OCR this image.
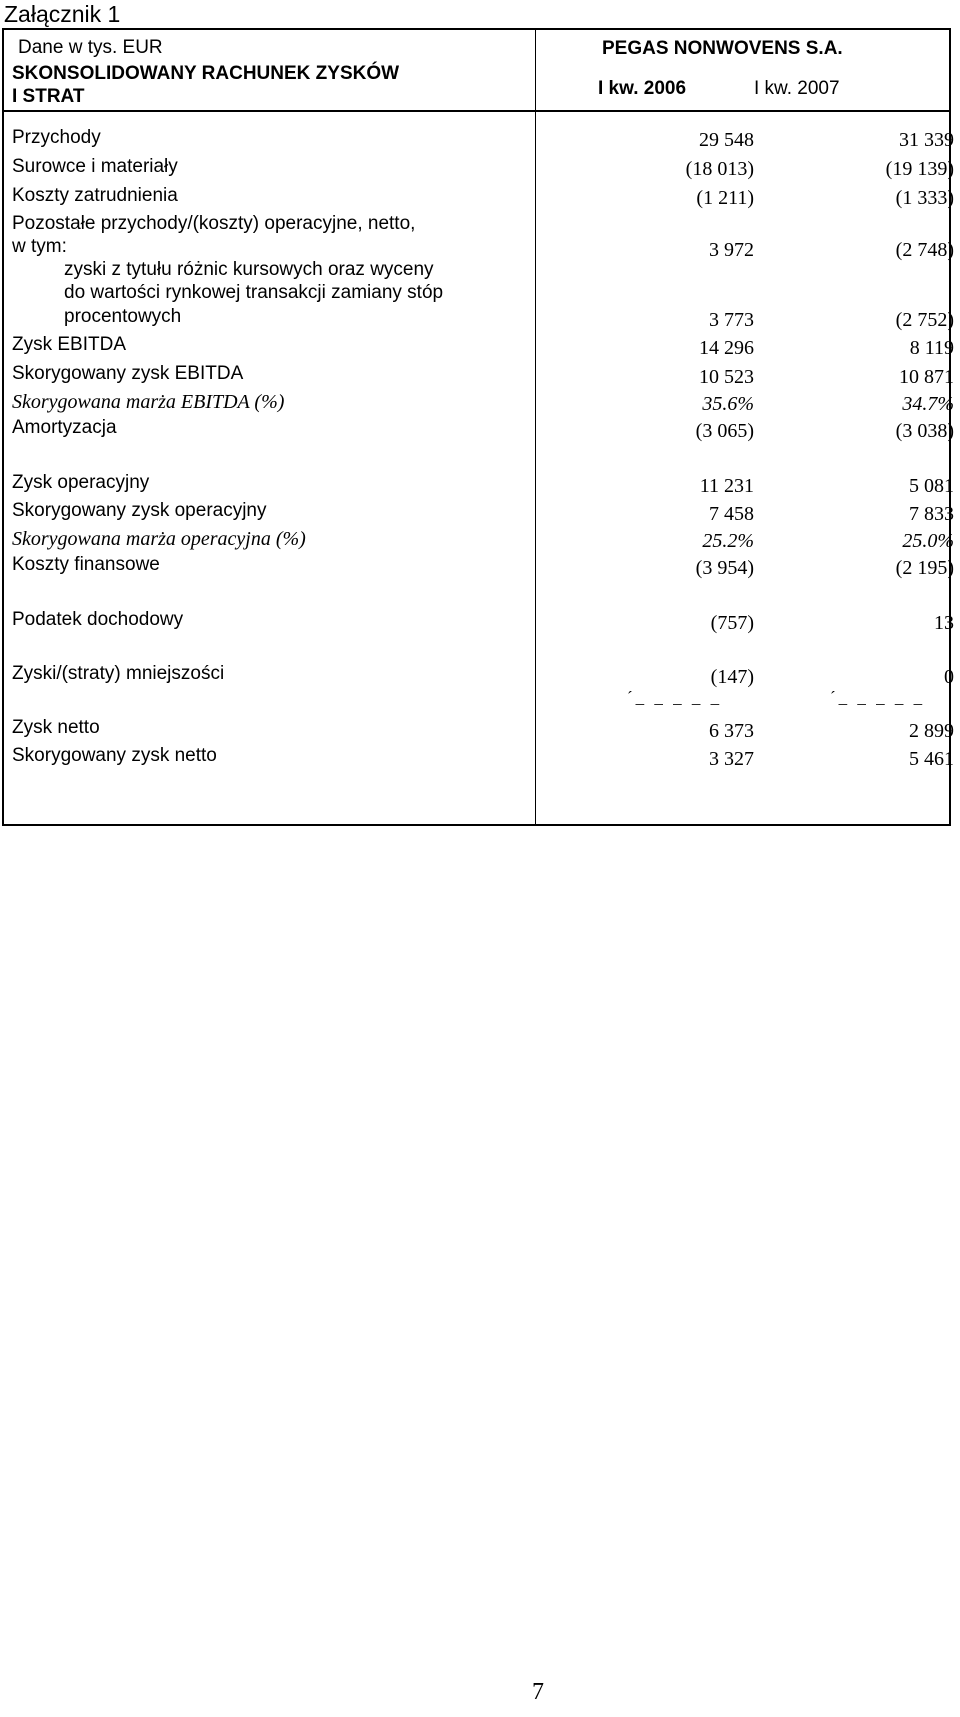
Załącznik 1
Dane w tys. EUR
SKONSOLIDOWANY RACHUNEK ZYSKÓW
I STRAT
PEGAS NONWOVENS S.A.
I kw. 2006	I kw. 2007
Przychody	29 548	31 339
Surowce i materiały	(18 013)	(19 139)
Koszty zatrudnienia	(1 211)	(1 333)
Pozostałe przychody/(koszty) operacyjne, netto,
w tym:	3 972	(2 748)
zyski z tytułu różnic kursowych oraz wyceny
do wartości rynkowej transakcji zamiany stóp
procentowych	3 773	(2 752)
Zysk EBITDA	14 296	8 119
Skorygowany zysk EBITDA	10 523	10 871
Skorygowana marża EBITDA (%)	35.6%	34.7%
Amortyzacja	(3 065)	(3 038)
Zysk operacyjny	11 231	5 081
Skorygowany zysk operacyjny	7 458	7 833
Skorygowana marża operacyjna (%)	25.2%	25.0%
Koszty finansowe	(3 954)	(2 195)
Podatek dochodowy	(757)	13
Zyski/(straty) mniejszości	(147)	0
´_ _ _ _ _	´_ _ _ _ _
Zysk netto	6 373	2 899
Skorygowany zysk netto	3 327	5 461
7
